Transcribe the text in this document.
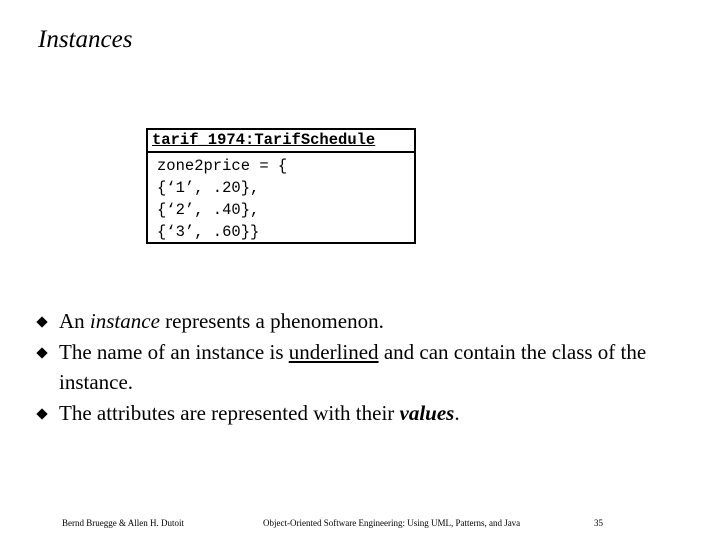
Instances
tarif_1974:TarifSchedule
zone2price = {
{‘1’, .20},
{‘2’, .40},
{‘3’, .60}}
An instance represents a phenomenon.
The name of an instance is underlined and can contain the class of the instance.
The attributes are represented with their values.
Bernd Bruegge & Allen H. Dutoit	Object-Oriented Software Engineering: Using UML, Patterns, and Java	35
